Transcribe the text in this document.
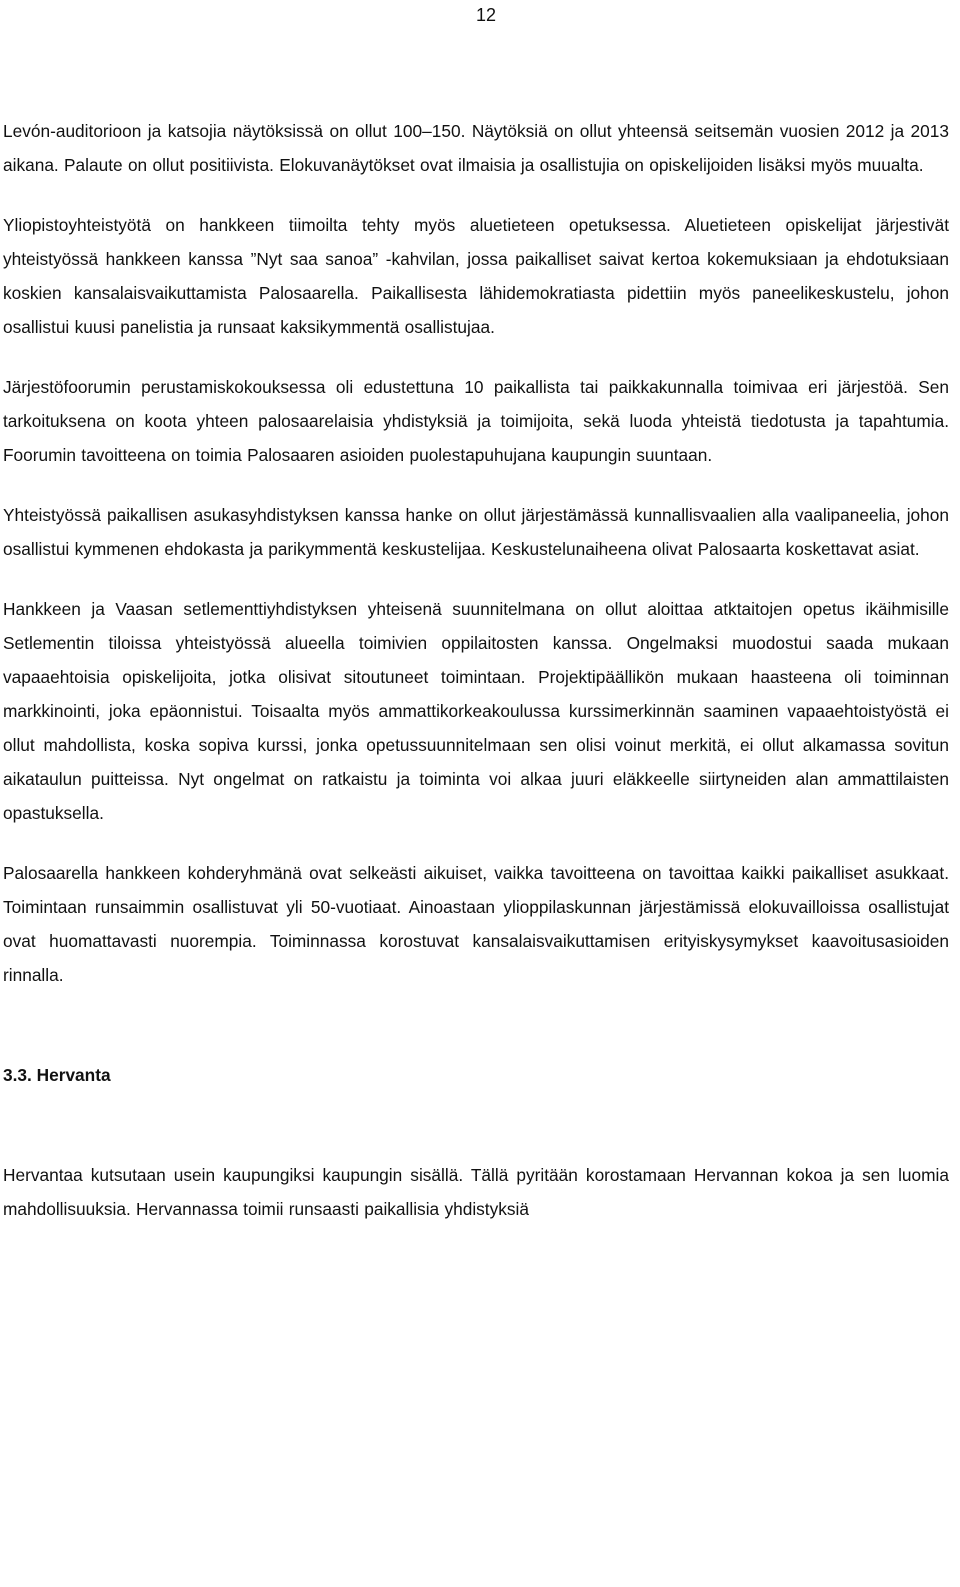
12

Levón-auditorioon ja katsojia näytöksissä on ollut 100–150. Näytöksiä on ollut yhteensä seitsemän vuosien 2012 ja 2013 aikana. Palaute on ollut positiivista. Elokuvanäytökset ovat ilmaisia ja osallistujia on opiskelijoiden lisäksi myös muualta.

Yliopistoyhteistyötä on hankkeen tiimoilta tehty myös aluetieteen opetuksessa. Aluetieteen opiskelijat järjestivät yhteistyössä hankkeen kanssa ”Nyt saa sanoa” -kahvilan, jossa paikalliset saivat kertoa kokemuksiaan ja ehdotuksiaan koskien kansalaisvaikuttamista Palosaarella. Paikallisesta lähidemokratiasta pidettiin myös paneelikeskustelu, johon osallistui kuusi panelistia ja runsaat kaksikymmentä osallistujaa.

Järjestöfoorumin perustamiskokouksessa oli edustettuna 10 paikallista tai paikkakunnalla toimivaa eri järjestöä. Sen tarkoituksena on koota yhteen palosaarelaisia yhdistyksiä ja toimijoita, sekä luoda yhteistä tiedotusta ja tapahtumia. Foorumin tavoitteena on toimia Palosaaren asioiden puolestapuhujana kaupungin suuntaan.

Yhteistyössä paikallisen asukasyhdistyksen kanssa hanke on ollut järjestämässä kunnallisvaalien alla vaalipaneelia, johon osallistui kymmenen ehdokasta ja parikymmentä keskustelijaa. Keskustelunaiheena olivat Palosaarta koskettavat asiat.

Hankkeen ja Vaasan setlementtiyhdistyksen yhteisenä suunnitelmana on ollut aloittaa atktaitojen opetus ikäihmisille Setlementin tiloissa yhteistyössä alueella toimivien oppilaitosten kanssa. Ongelmaksi muodostui saada mukaan vapaaehtoisia opiskelijoita, jotka olisivat sitoutuneet toimintaan. Projektipäällikön mukaan haasteena oli toiminnan markkinointi, joka epäonnistui. Toisaalta myös ammattikorkeakoulussa kurssimerkinnän saaminen vapaaehtoistyöstä ei ollut mahdollista, koska sopiva kurssi, jonka opetussuunnitelmaan sen olisi voinut merkitä, ei ollut alkamassa sovitun aikataulun puitteissa. Nyt ongelmat on ratkaistu ja toiminta voi alkaa juuri eläkkeelle siirtyneiden alan ammattilaisten opastuksella.

Palosaarella hankkeen kohderyhmänä ovat selkeästi aikuiset, vaikka tavoitteena on tavoittaa kaikki paikalliset asukkaat. Toimintaan runsaimmin osallistuvat yli 50-vuotiaat. Ainoastaan ylioppilaskunnan järjestämissä elokuvailloissa osallistujat ovat huomattavasti nuorempia. Toiminnassa korostuvat kansalaisvaikuttamisen erityiskysymykset kaavoitusasioiden rinnalla.

3.3. Hervanta

Hervantaa kutsutaan usein kaupungiksi kaupungin sisällä. Tällä pyritään korostamaan Hervannan kokoa ja sen luomia mahdollisuuksia. Hervannassa toimii runsaasti paikallisia yhdistyksiä
